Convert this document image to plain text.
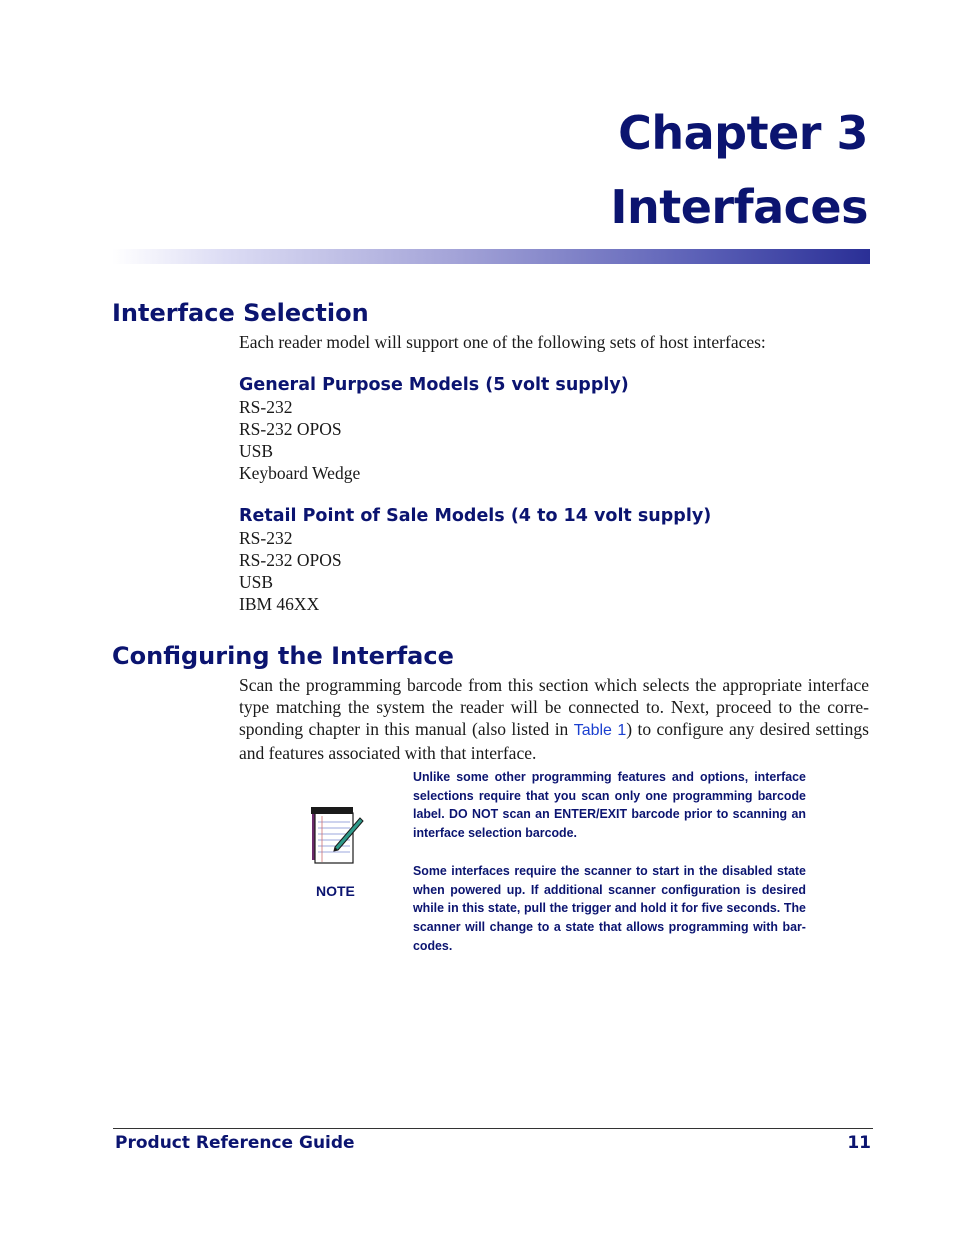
Chapter 3
Interfaces
Interface Selection

Each reader model will support one of the following sets of host interfaces:

General Purpose Models (5 volt supply)
RS-232
RS-232 OPOS
USB
Keyboard Wedge
Retail Point of Sale Models (4 to 14 volt supply)
RS-232
RS-232 OPOS
USB
IBM 46XX
Configuring the Interface

Scan the programming barcode from this section which selects the appropriate interface type matching the system the reader will be connected to. Next, proceed to the corre-sponding chapter in this manual (also listed in Table 1) to configure any desired settings and features associated with that interface.

NOTE

Unlike some other programming features and options, interface selections require that you scan only one programming barcode label. DO NOT scan an ENTER/EXIT barcode prior to scanning an interface selection barcode.

Some interfaces require the scanner to start in the disabled state when powered up. If additional scanner configuration is desired while in this state, pull the trigger and hold it for five seconds. The scanner will change to a state that allows programming with bar-codes.

Product Reference Guide	11
